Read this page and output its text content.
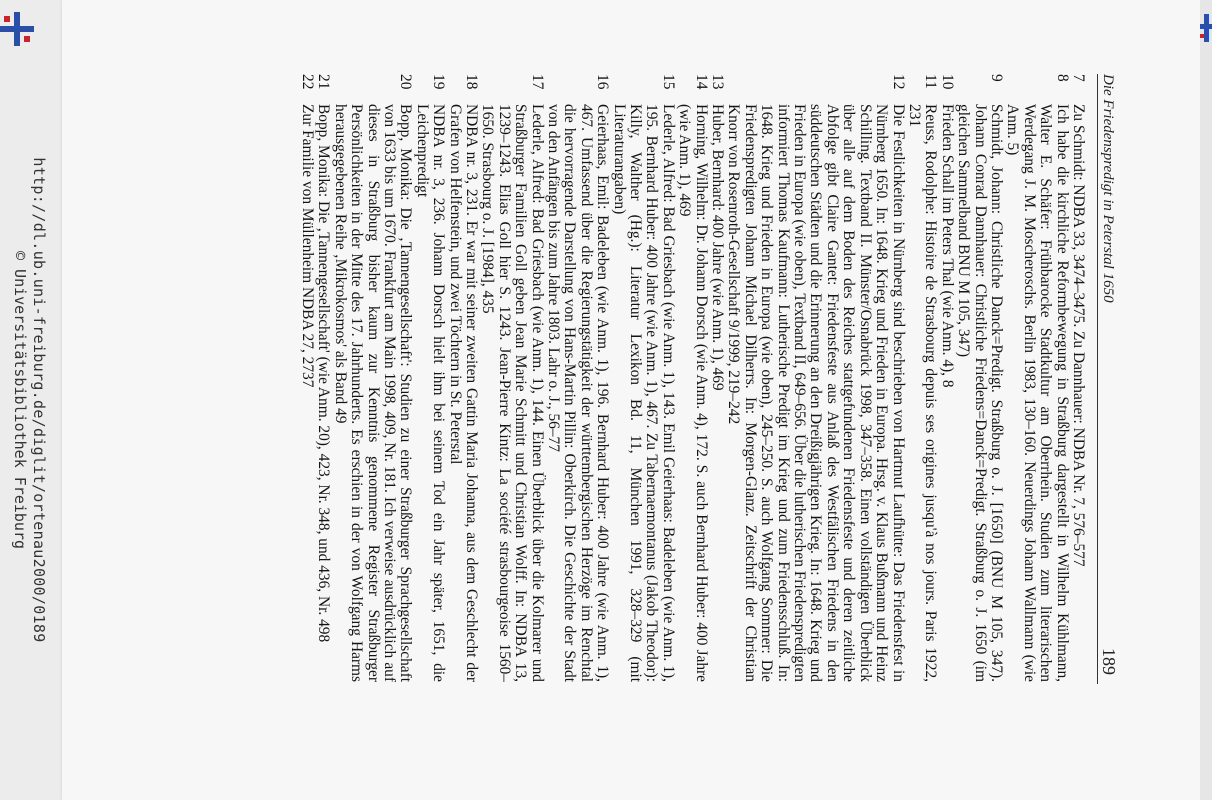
Die Friedenspredigt in Peterstal 1650
189
7
Zu Schmidt: NDBA 33, 3474–3475. Zu Dannhauer: NDBA Nr. 7, 576–577
8
Ich habe die kirchliche Reformbewegung in Straßburg dargestellt in Wilhelm Kühlmann, Walter E. Schäfer: Frühbarocke Stadtkultur am Oberrhein. Studien zum literarischen Werdegang J. M. Moscheroschs. Berlin 1983, 130–160. Neuerdings Johann Wallmann (wie Anm. 5)
9
Schmidt, Johann: Christliche Danck=Predigt. Straßburg o. J. [1650] (BNU M 105, 347). Johann Conrad Dannhauer: Christliche Friedens=Danck=Predigt. Straßburg o. J. 1650 (im gleichen Sammelband BNU M 105, 347)
10
Frieden Schall im Peters Thal (wie Anm. 4), 8
11
Reuss, Rodolphe: Histoire de Strasbourg depuis ses origines jusqu'à nos jours. Paris 1922, 231
12
Die Festlichkeiten in Nürnberg sind beschrieben von Hartmut Laufhütte: Das Friedensfest in Nürnberg 1650. In: 1648. Krieg und Frieden in Europa. Hrsg. v. Klaus Bußmann und Heinz Schilling. Textband II. Münster/Osnabrück 1998, 347–358. Einen vollständigen Überblick über alle auf dem Boden des Reiches stattgefundenen Friedensfeste und deren zeitliche Abfolge gibt Claire Gantet: Friedensfeste aus Anlaß des Westfälischen Friedens in den süddeutschen Städten und die Erinnerung an den Dreißigjährigen Krieg. In: 1648. Krieg und Frieden in Europa (wie oben), Textband II, 649–656. Über die lutherischen Friedenspredigten informiert Thomas Kaufmann: Lutherische Predigt im Krieg und zum Friedensschluß. In: 1648. Krieg und Frieden in Europa (wie oben), 245–250. S. auch Wolfgang Sommer: Die Friedenspredigten Johann Michael Dilherrs. In: Morgen-Glanz. Zeitschrift der Christian Knorr von Rosenroth-Gesellschaft 9/1999, 219–242
13
Huber, Bernhard: 400 Jahre (wie Anm. 1), 469
14
Horning, Wilhelm: Dr. Johann Dorsch (wie Anm. 4), 172. S. auch Bernhard Huber: 400 Jahre (wie Anm. 1), 469
15
Lederle, Alfred: Bad Griesbach (wie Anm. 1), 143. Emil Geierhaas: Badeleben (wie Anm. 1), 195. Bernhard Huber: 400 Jahre (wie Anm. 1), 467. Zu Tabernaemontanus (Jakob Theodor): Killy, Walther (Hg.): Literatur Lexikon Bd. 11, München 1991, 328–329 (mit Literaturangaben)
16
Geierhaas, Emil: Badeleben (wie Anm. 1), 196. Bernhard Huber: 400 Jahre (wie Anm. 1), 467. Umfassend über die Regierungstätigkeit der württembergischen Herzöge im Renchtal die hervorragende Darstellung von Hans-Martin Pillin: Oberkirch. Die Geschichte der Stadt von den Anfängen bis zum Jahre 1803. Lahr o. J., 56–77
17
Lederle, Alfred: Bad Griesbach (wie Anm. 1), 144. Einen Überblick über die Kolmarer und Straßburger Familien Goll geben Jean Marie Schmitt und Christian Wolff. In: NDBA 13, 1239–1243. Elias Goll hier S. 1243. Jean-Pierre Kintz: La société strasbourgeoise 1560–1650. Strasbourg o. J. [1984], 435
18
NDBA nr. 3, 231. Er war mit seiner zweiten Gattin Maria Johanna, aus dem Geschlecht der Grafen von Helfenstein, und zwei Töchtern in St. Peterstal
19
NDBA nr. 3, 236. Johann Dorsch hielt ihm bei seinem Tod ein Jahr später, 1651, die Leichenpredigt
20
Bopp, Monika: Die ‚Tannengesellschaft': Studien zu einer Straßburger Sprachgesellschaft von 1633 bis um 1670. Frankfurt am Main 1998, 409, Nr. 181. Ich verweise ausdrücklich auf dieses in Straßburg bisher kaum zur Kenntnis genommene Register Straßburger Persönlichkeiten in der Mitte des 17. Jahrhunderts. Es erschien in der von Wolfgang Harms herausgegebenen Reihe ‚Mikrokosmos' als Band 49
21
Bopp, Monika: Die ‚Tannengesellschaft' (wie Anm. 20), 423, Nr. 348, und 436, Nr. 498
22
Zur Familie von Müllenheim NDBA 27, 2737
http://dl.ub.uni-freiburg.de/diglit/ortenau2000/0189
© Universitätsbibliothek Freiburg
